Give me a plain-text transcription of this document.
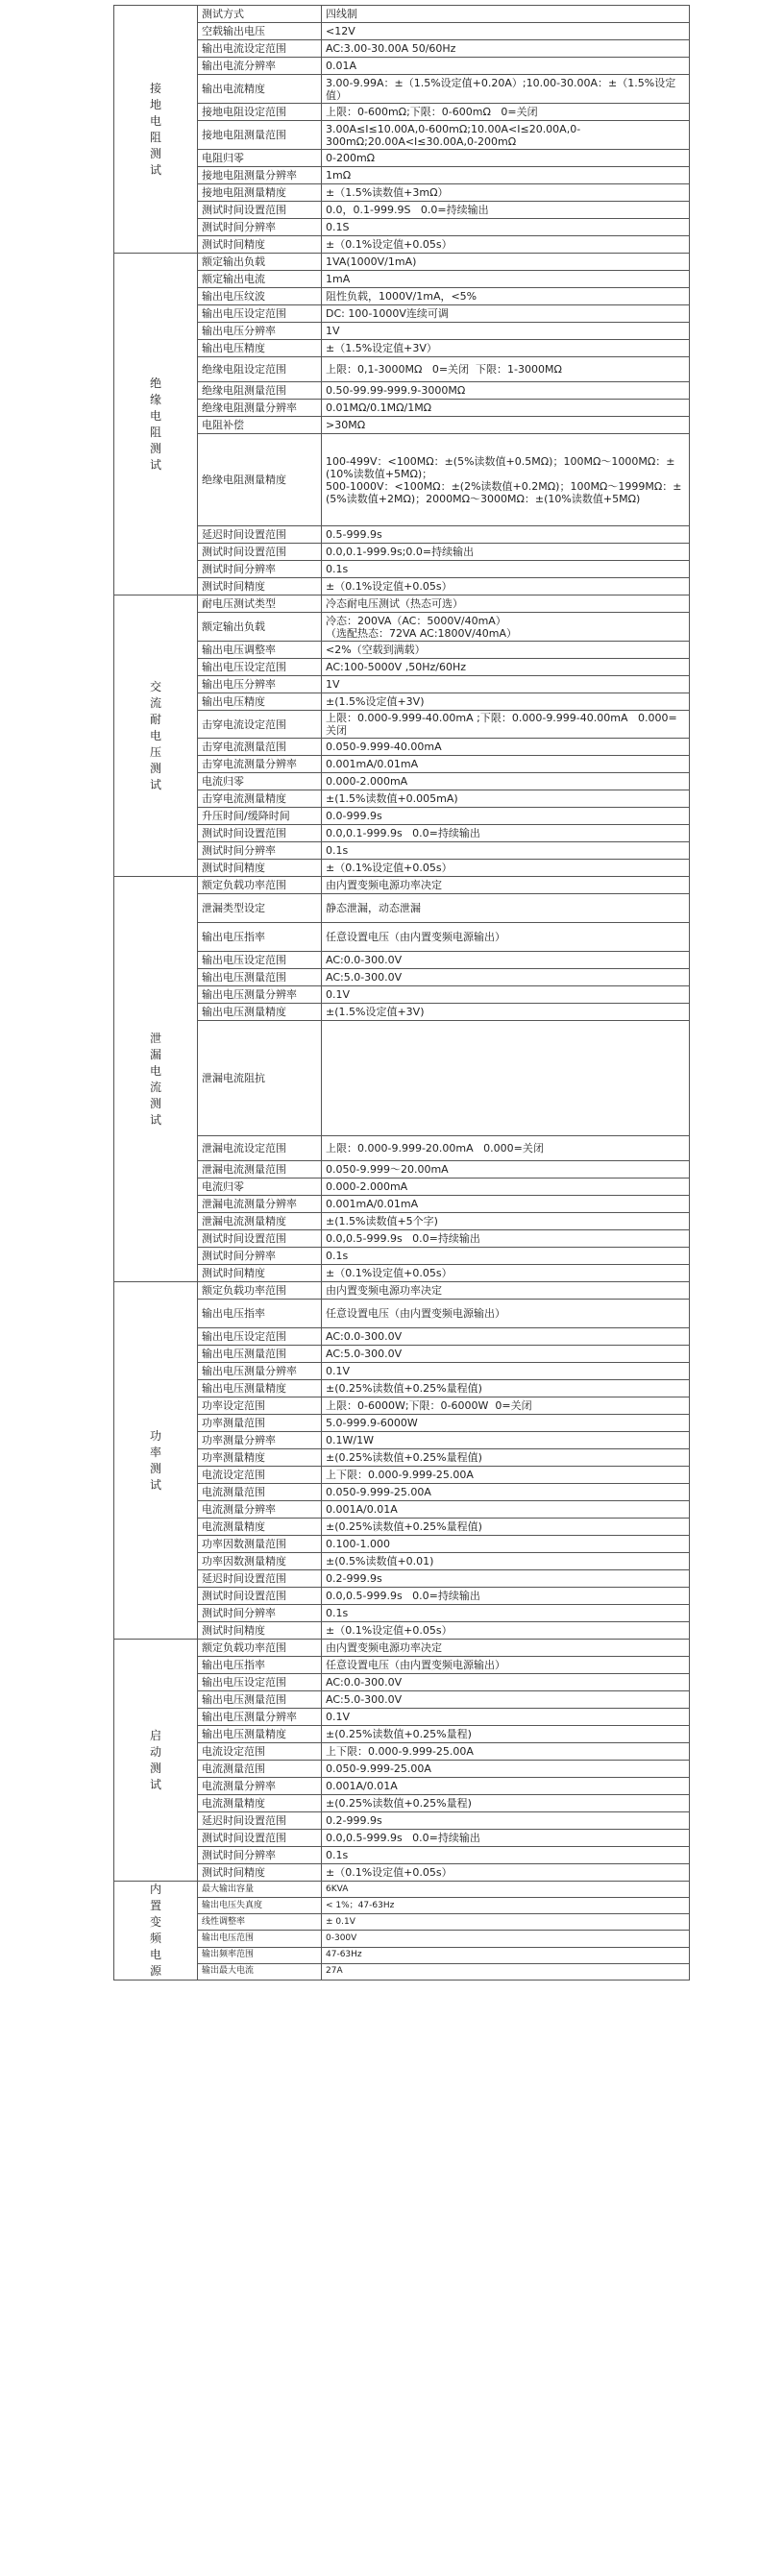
接地电阻测试	测试方式	四线制
	空载输出电压	<12V
	输出电流设定范围	AC:3.00-30.00A 50/60Hz
	输出电流分辨率	0.01A
	输出电流精度	3.00-9.99A：±（1.5%设定值+0.20A）;10.00-30.00A：±（1.5%设定值）
	接地电阻设定范围	上限：0-600mΩ;下限：0-600mΩ   0=关闭
	接地电阻测量范围	3.00A≤I≤10.00A,0-600mΩ;10.00A<I≤20.00A,0-300mΩ;20.00A<I≤30.00A,0-200mΩ
	电阻归零	0-200mΩ
	接地电阻测量分辨率	1mΩ
	接地电阻测量精度	±（1.5%读数值+3mΩ）
	测试时间设置范围	0.0，0.1-999.9S   0.0=持续输出
	测试时间分辨率	0.1S
	测试时间精度	±（0.1%设定值+0.05s）
绝缘电阻测试	额定输出负载	1VA(1000V/1mA)
	额定输出电流	1mA
	输出电压纹波	阻性负载，1000V/1mA，<5%
	输出电压设定范围	DC: 100-1000V连续可调
	输出电压分辨率	1V
	输出电压精度	±（1.5%设定值+3V）
	绝缘电阻设定范围	上限：0,1-3000MΩ   0=关闭  下限：1-3000MΩ
	绝缘电阻测量范围	0.50-99.99-999.9-3000MΩ
	绝缘电阻测量分辨率	0.01MΩ/0.1MΩ/1MΩ
	电阻补偿	>30MΩ
	绝缘电阻测量精度	100-499V：<100MΩ：±(5%读数值+0.5MΩ)；100MΩ～1000MΩ：±(10%读数值+5MΩ)；
500-1000V：<100MΩ：±(2%读数值+0.2MΩ)；100MΩ～1999MΩ：±(5%读数值+2MΩ)；2000MΩ～3000MΩ：±(10%读数值+5MΩ)
	延迟时间设置范围	0.5-999.9s
	测试时间设置范围	0.0,0.1-999.9s;0.0=持续输出
	测试时间分辨率	0.1s
	测试时间精度	±（0.1%设定值+0.05s）
交流耐电压测试	耐电压测试类型	冷态耐电压测试（热态可选）
	额定输出负载	冷态：200VA（AC：5000V/40mA）
（选配热态：72VA AC:1800V/40mA）
	输出电压调整率	<2%（空载到满载）
	输出电压设定范围	AC:100-5000V ,50Hz/60Hz
	输出电压分辨率	1V
	输出电压精度	±(1.5%设定值+3V)
	击穿电流设定范围	上限：0.000-9.999-40.00mA ;下限：0.000-9.999-40.00mA   0.000=关闭
	击穿电流测量范围	0.050-9.999-40.00mA
	击穿电流测量分辨率	0.001mA/0.01mA
	电流归零	0.000-2.000mA
	击穿电流测量精度	±(1.5%读数值+0.005mA)
	升压时间/缓降时间	0.0-999.9s
	测试时间设置范围	0.0,0.1-999.9s   0.0=持续输出
	测试时间分辨率	0.1s
	测试时间精度	±（0.1%设定值+0.05s）
泄漏电流测试	额定负载功率范围	由内置变频电源功率决定
	泄漏类型设定	静态泄漏，动态泄漏
	输出电压指率	任意设置电压（由内置变频电源输出）
	输出电压设定范围	AC:0.0-300.0V
	输出电压测量范围	AC:5.0-300.0V
	输出电压测量分辨率	0.1V
	输出电压测量精度	±(1.5%设定值+3V)
	泄漏电流阻抗	
	泄漏电流设定范围	上限：0.000-9.999-20.00mA   0.000=关闭
	泄漏电流测量范围	0.050-9.999～20.00mA
	电流归零	0.000-2.000mA
	泄漏电流测量分辨率	0.001mA/0.01mA
	泄漏电流测量精度	±(1.5%读数值+5个字)
	测试时间设置范围	0.0,0.5-999.9s   0.0=持续输出
	测试时间分辨率	0.1s
	测试时间精度	±（0.1%设定值+0.05s）
功率测试	额定负载功率范围	由内置变频电源功率决定
	输出电压指率	任意设置电压（由内置变频电源输出）
	输出电压设定范围	AC:0.0-300.0V
	输出电压测量范围	AC:5.0-300.0V
	输出电压测量分辨率	0.1V
	输出电压测量精度	±(0.25%读数值+0.25%量程值)
	功率设定范围	上限：0-6000W;下限：0-6000W  0=关闭
	功率测量范围	5.0-999.9-6000W
	功率测量分辨率	0.1W/1W
	功率测量精度	±(0.25%读数值+0.25%量程值)
	电流设定范围	上下限：0.000-9.999-25.00A
	电流测量范围	0.050-9.999-25.00A
	电流测量分辨率	0.001A/0.01A
	电流测量精度	±(0.25%读数值+0.25%量程值)
	功率因数测量范围	0.100-1.000
	功率因数测量精度	±(0.5%读数值+0.01)
	延迟时间设置范围	0.2-999.9s
	测试时间设置范围	0.0,0.5-999.9s   0.0=持续输出
	测试时间分辨率	0.1s
	测试时间精度	±（0.1%设定值+0.05s）
启动测试	额定负载功率范围	由内置变频电源功率决定
	输出电压指率	任意设置电压（由内置变频电源输出）
	输出电压设定范围	AC:0.0-300.0V
	输出电压测量范围	AC:5.0-300.0V
	输出电压测量分辨率	0.1V
	输出电压测量精度	±(0.25%读数值+0.25%量程)
	电流设定范围	上下限：0.000-9.999-25.00A
	电流测量范围	0.050-9.999-25.00A
	电流测量分辨率	0.001A/0.01A
	电流测量精度	±(0.25%读数值+0.25%量程)
	延迟时间设置范围	0.2-999.9s
	测试时间设置范围	0.0,0.5-999.9s   0.0=持续输出
	测试时间分辨率	0.1s
	测试时间精度	±（0.1%设定值+0.05s）
内置变频电源	最大输出容量	6KVA
	输出电压失真度	< 1%；47-63Hz
	线性调整率	± 0.1V
	输出电压范围	0-300V
	输出频率范围	47-63Hz
	输出最大电流	27A
